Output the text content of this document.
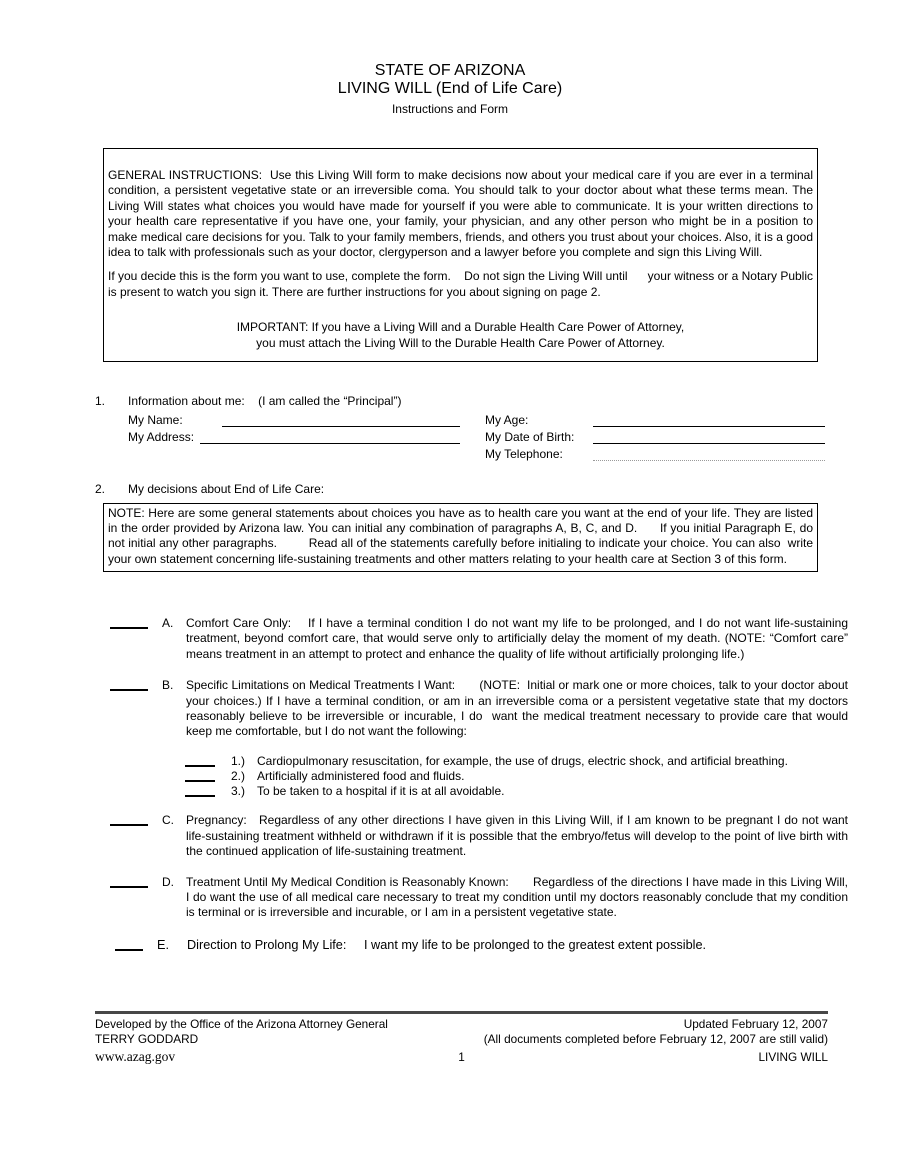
STATE OF ARIZONA
LIVING WILL (End of Life Care)
Instructions and Form

GENERAL INSTRUCTIONS:  Use this Living Will form to make decisions now about your medical care if you are ever in a terminal condition, a persistent vegetative state or an irreversible coma. You should talk to your doctor about what these terms mean. The Living Will states what choices you would have made for yourself if you were able to communicate. It is your written directions to your health care representative if you have one, your family, your physician, and any other person who might be in a position to make medical care decisions for you. Talk to your family members, friends, and others you trust about your choices. Also, it is a good idea to talk with professionals such as your doctor, clergyperson and a lawyer before you complete and sign this Living Will.

If you decide this is the form you want to use, complete the form.    Do not sign the Living Will until      your witness or a Notary Public is present to watch you sign it. There are further instructions for you about signing on page 2.

IMPORTANT: If you have a Living Will and a Durable Health Care Power of Attorney,
you must attach the Living Will to the Durable Health Care Power of Attorney.
1.	Information about me:    (I am called the “Principal”)
My Name:
My Address:
My Age:
My Date of Birth:
My Telephone:
2.	My decisions about End of Life Care:

NOTE: Here are some general statements about choices you have as to health care you want at the end of your life. They are listed in the order provided by Arizona law. You can initial any combination of paragraphs A, B, C, and D.      If you initial Paragraph E, do not initial any other paragraphs.         Read all of the statements carefully before initialing to indicate your choice. You can also  write your own statement concerning life-sustaining treatments and other matters relating to your health care at Section 3 of this form.

A.	Comfort Care Only:    If I have a terminal condition I do not want my life to be prolonged, and I do not want life-sustaining treatment, beyond comfort care, that would serve only to artificially delay the moment of my death. (NOTE: “Comfort care” means treatment in an attempt to protect and enhance the quality of life without artificially prolonging life.)
B.	Specific Limitations on Medical Treatments I Want:       (NOTE:  Initial or mark one or more choices, talk to your doctor about your choices.) If I have a terminal condition, or am in an irreversible coma or a persistent vegetative state that my doctors reasonably believe to be irreversible or incurable, I do  want the medical treatment necessary to provide care that would keep me comfortable, but I do not want the following:
1.) Cardiopulmonary resuscitation, for example, the use of drugs, electric shock, and artificial breathing.
2.) Artificially administered food and fluids.
3.) To be taken to a hospital if it is at all avoidable.
C.	Pregnancy:   Regardless of any other directions I have given in this Living Will, if I am known to be pregnant I do not want life-sustaining treatment withheld or withdrawn if it is possible that the embryo/fetus will develop to the point of live birth with the continued application of life-sustaining treatment.
D.	Treatment Until My Medical Condition is Reasonably Known:       Regardless of the directions I have made in this Living Will, I do want the use of all medical care necessary to treat my condition until my doctors reasonably conclude that my condition is terminal or is irreversible and incurable, or I am in a persistent vegetative state.
E.	Direction to Prolong My Life:     I want my life to be prolonged to the greatest extent possible.
Developed by the Office of the Arizona Attorney General
TERRY GODDARD
www.azag.gov
Updated February 12, 2007
(All documents completed before February 12, 2007 are still valid)
LIVING WILL
1
